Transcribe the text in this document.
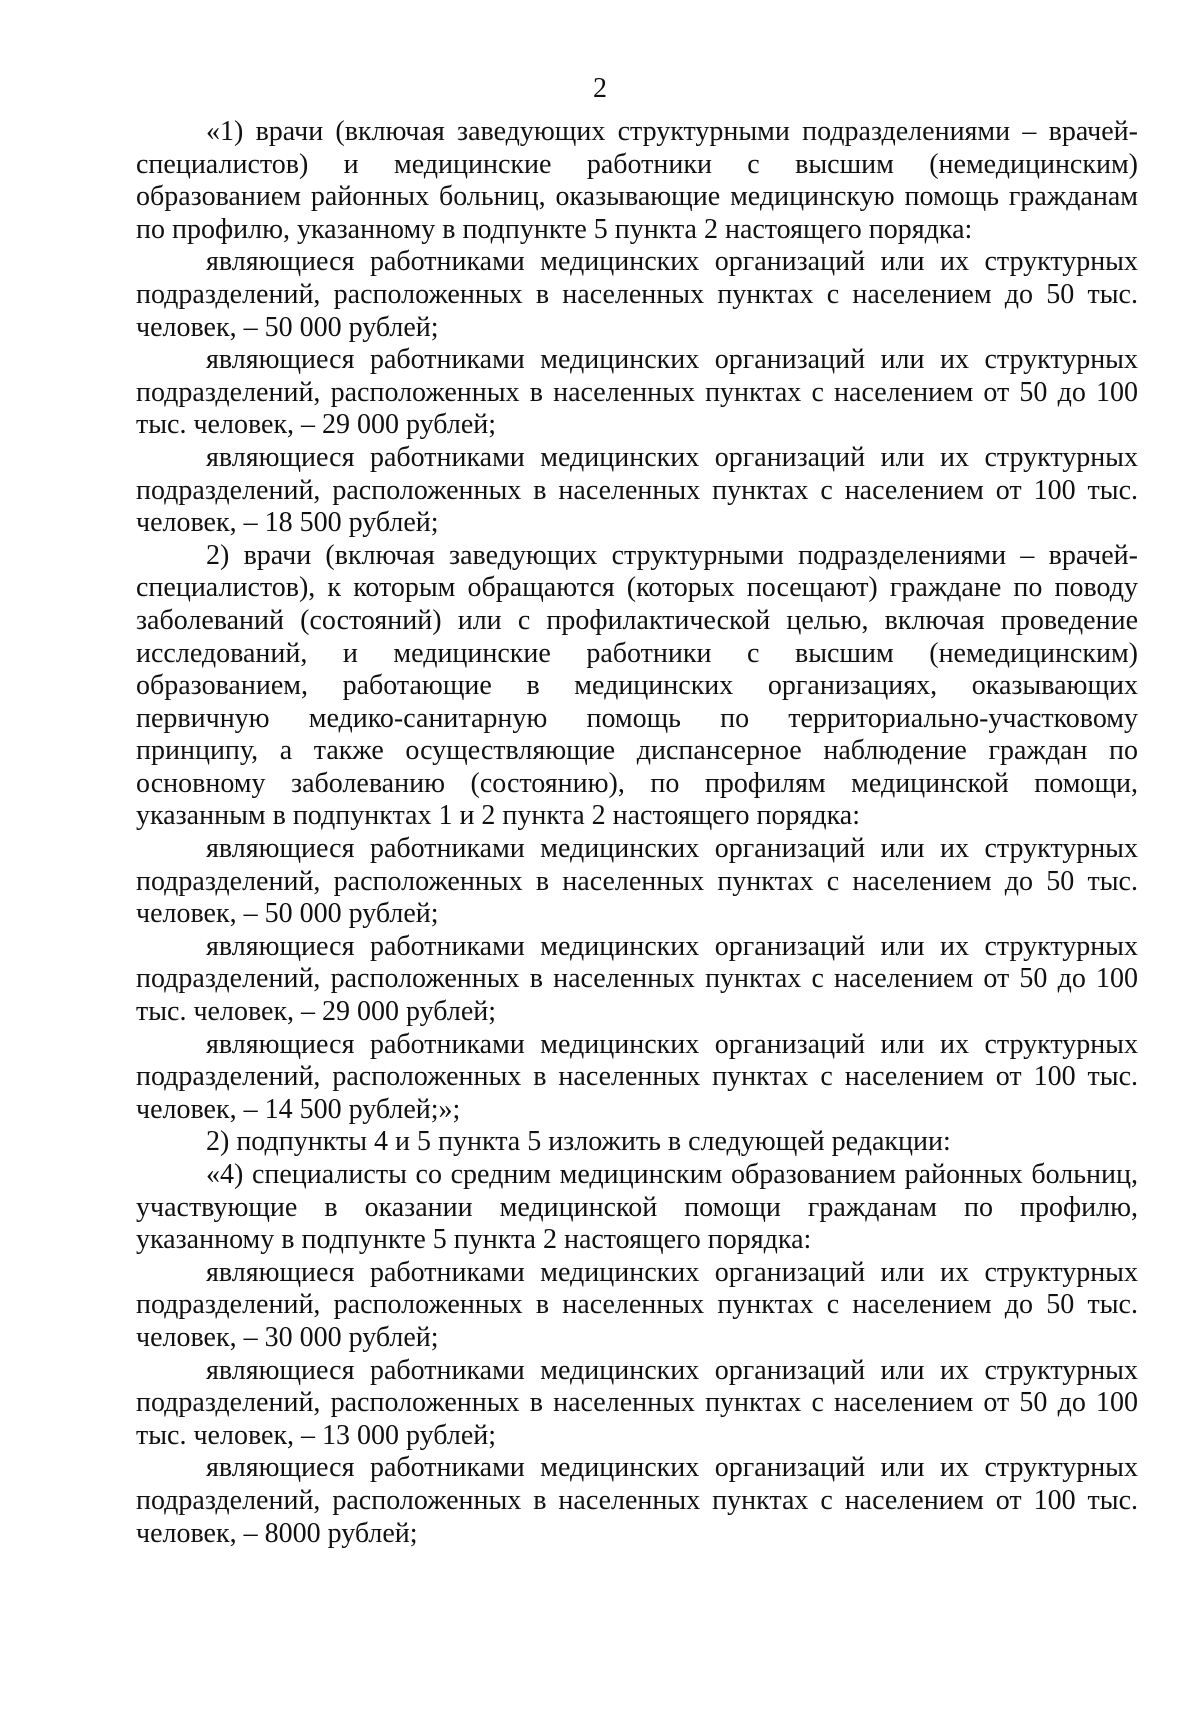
2

«1) врачи (включая заведующих структурными подразделениями – врачей-специалистов) и медицинские работники с высшим (немедицинским) образованием районных больниц, оказывающие медицинскую помощь гражданам по профилю, указанному в подпункте 5 пункта 2 настоящего порядка:

являющиеся работниками медицинских организаций или их структурных подразделений, расположенных в населенных пунктах с населением до 50 тыс. человек, – 50 000 рублей;

являющиеся работниками медицинских организаций или их структурных подразделений, расположенных в населенных пунктах с населением от 50 до 100 тыс. человек, – 29 000 рублей;

являющиеся работниками медицинских организаций или их структурных подразделений, расположенных в населенных пунктах с населением от 100 тыс. человек, – 18 500 рублей;

2) врачи (включая заведующих структурными подразделениями – врачей-специалистов), к которым обращаются (которых посещают) граждане по поводу заболеваний (состояний) или с профилактической целью, включая проведение исследований, и медицинские работники с высшим (немедицинским) образованием, работающие в медицинских организациях, оказывающих первичную медико-санитарную помощь по территориально-участковому принципу, а также осуществляющие диспансерное наблюдение граждан по основному заболеванию (состоянию), по профилям медицинской помощи, указанным в подпунктах 1 и 2 пункта 2 настоящего порядка:

являющиеся работниками медицинских организаций или их структурных подразделений, расположенных в населенных пунктах с населением до 50 тыс. человек, – 50 000 рублей;

являющиеся работниками медицинских организаций или их структурных подразделений, расположенных в населенных пунктах с населением от 50 до 100 тыс. человек, – 29 000 рублей;

являющиеся работниками медицинских организаций или их структурных подразделений, расположенных в населенных пунктах с населением от 100 тыс. человек, – 14 500 рублей;»;

2) подпункты 4 и 5 пункта 5 изложить в следующей редакции:

«4) специалисты со средним медицинским образованием районных больниц, участвующие в оказании медицинской помощи гражданам по профилю, указанному в подпункте 5 пункта 2 настоящего порядка:

являющиеся работниками медицинских организаций или их структурных подразделений, расположенных в населенных пунктах с населением до 50 тыс. человек, – 30 000 рублей;

являющиеся работниками медицинских организаций или их структурных подразделений, расположенных в населенных пунктах с населением от 50 до 100 тыс. человек, – 13 000 рублей;

являющиеся работниками медицинских организаций или их структурных подразделений, расположенных в населенных пунктах с населением от 100 тыс. человек, – 8000 рублей;
